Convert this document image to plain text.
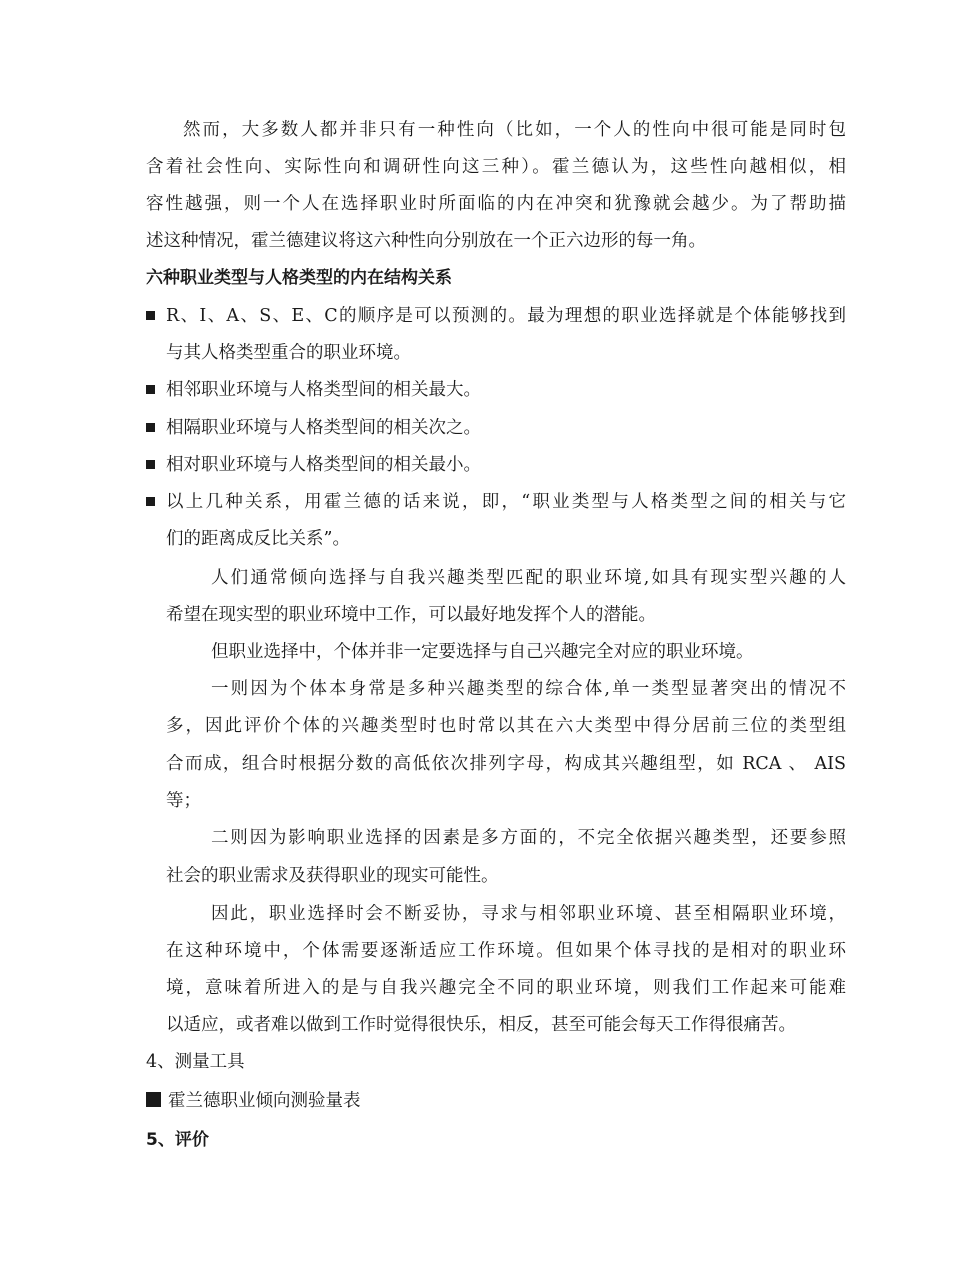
然而，大多数人都并非只有一种性向（比如，一个人的性向中很可能是同时包
含着社会性向、实际性向和调研性向这三种）。霍兰德认为，这些性向越相似，相
容性越强，则一个人在选择职业时所面临的内在冲突和犹豫就会越少。为了帮助描
述这种情况，霍兰德建议将这六种性向分别放在一个正六边形的每一角。
六种职业类型与人格类型的内在结构关系
R、I、A、S、E、C的顺序是可以预测的。最为理想的职业选择就是个体能够找到
与其人格类型重合的职业环境。
相邻职业环境与人格类型间的相关最大。
相隔职业环境与人格类型间的相关次之。
相对职业环境与人格类型间的相关最小。
以上几种关系，用霍兰德的话来说，即，“职业类型与人格类型之间的相关与它
们的距离成反比关系”。
人们通常倾向选择与自我兴趣类型匹配的职业环境,如具有现实型兴趣的人
希望在现实型的职业环境中工作，可以最好地发挥个人的潜能。
但职业选择中，个体并非一定要选择与自己兴趣完全对应的职业环境。
一则因为个体本身常是多种兴趣类型的综合体,单一类型显著突出的情况不
多，因此评价个体的兴趣类型时也时常以其在六大类型中得分居前三位的类型组
合而成，组合时根据分数的高低依次排列字母，构成其兴趣组型，如 RCA 、 AIS
等；
二则因为影响职业选择的因素是多方面的，不完全依据兴趣类型，还要参照
社会的职业需求及获得职业的现实可能性。
因此，职业选择时会不断妥协，寻求与相邻职业环境、甚至相隔职业环境，
在这种环境中，个体需要逐渐适应工作环境。但如果个体寻找的是相对的职业环
境，意味着所进入的是与自我兴趣完全不同的职业环境，则我们工作起来可能难
以适应，或者难以做到工作时觉得很快乐，相反，甚至可能会每天工作得很痛苦。
4、测量工具
霍兰德职业倾向测验量表
5、评价
